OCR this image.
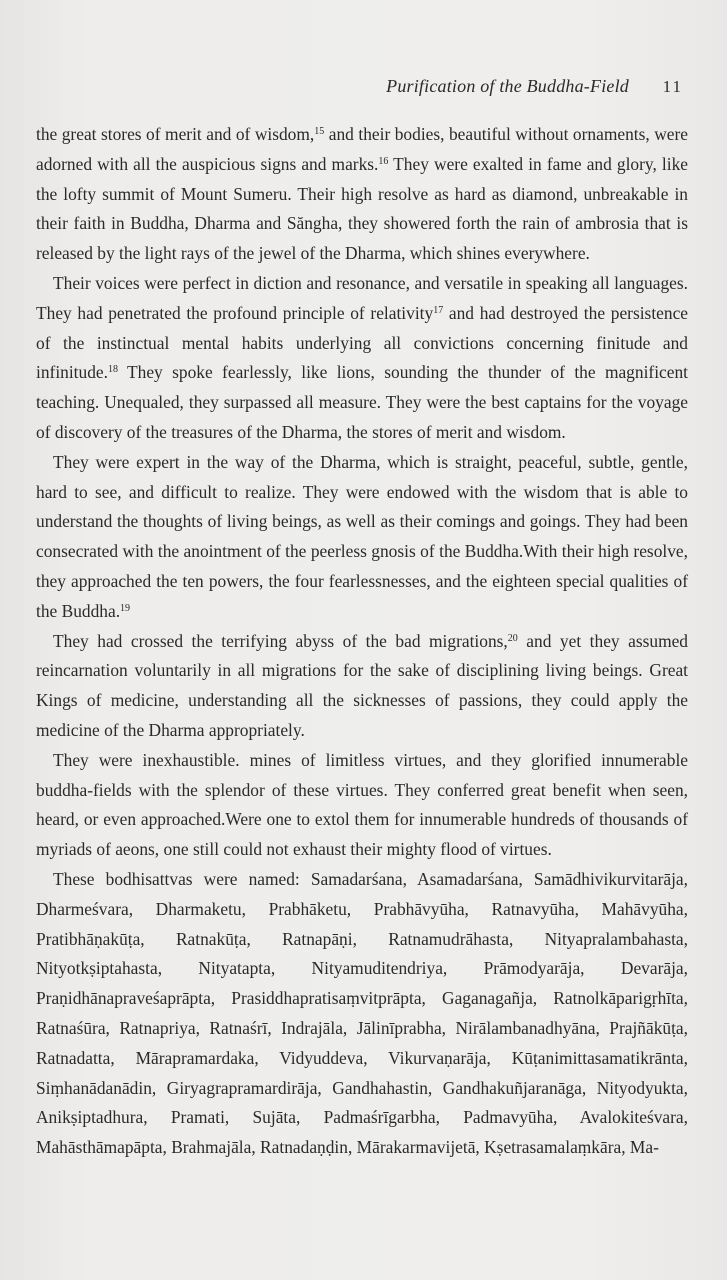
Purification of the Buddha-Field 11

the great stores of merit and of wisdom,$^{15}$ and their bodies, beautiful without ornaments, were adorned with all the auspicious signs and marks.$^{16}$ They were exalted in fame and glory, like the lofty summit of Mount Sumeru. Their high resolve as hard as diamond, unbreakable in their faith in Buddha, Dharma and Săngha, they showered forth the rain of ambrosia that is released by the light rays of the jewel of the Dharma, which shines everywhere.

Their voices were perfect in diction and resonance, and versatile in speaking all languages. They had penetrated the profound principle of relativity$^{17}$ and had destroyed the persistence of the instinctual mental habits underlying all convictions concerning finitude and infinitude.$^{18}$ They spoke fearlessly, like lions, sounding the thunder of the magnificent teaching. Unequaled, they surpassed all measure. They were the best captains for the voyage of discovery of the treasures of the Dharma, the stores of merit and wisdom.

They were expert in the way of the Dharma, which is straight, peaceful, subtle, gentle, hard to see, and difficult to realize. They were endowed with the wisdom that is able to understand the thoughts of living beings, as well as their comings and goings. They had been consecrated with the anointment of the peerless gnosis of the Buddha.With their high resolve, they approached the ten powers, the four fearlessnesses, and the eighteen special qualities of the Buddha.$^{19}$

They had crossed the terrifying abyss of the bad migrations,$^{20}$ and yet they assumed reincarnation voluntarily in all migrations for the sake of disciplining living beings. Great Kings of medicine, understanding all the sicknesses of passions, they could apply the medicine of the Dharma appropriately.

They were inexhaustible. mines of limitless virtues, and they glorified innumerable buddha-fields with the splendor of these virtues. They conferred great benefit when seen, heard, or even approached.Were one to extol them for innumerable hundreds of thousands of myriads of aeons, one still could not exhaust their mighty flood of virtues.

These bodhisattvas were named: Samadarśana, Asamadarśana, Samādhivikurvitarāja, Dharmeśvara, Dharmaketu, Prabhāketu, Prabhāvyūha, Ratnavyūha, Mahāvyūha, Pratibhāṇakūṭa, Ratnakūṭa, Ratnapāṇi, Ratnamudrāhasta, Nityapralambahasta, Nityotkṣiptahasta, Nityatapta, Nityamuditendriya, Prāmodyarāja, Devarāja, Praṇidhānapraveśaprāpta, Prasiddhapratisaṃvitprāpta, Gaganagañja, Ratnolkāparigṛhīta, Ratnaśūra, Ratnapriya, Ratnaśrī, Indrajāla, Jālinīprabha, Nirālambanadhyāna, Prajñākūṭa, Ratnadatta, Mārapramardaka, Vidyuddeva, Vikurvaṇarāja, Kūṭanimittasamatikrānta, Siṃhanādanādin, Giryagrapramardirāja, Gandhahastin, Gandhakuñjaranāga, Nityodyukta, Anikṣiptadhura, Pramati, Sujāta, Padmaśrīgarbha, Padmavyūha, Avalokiteśvara, Mahāsthāmapāpta, Brahmajāla, Ratnadaṇḍin, Mārakarmavijetā, Kṣetrasamalaṃkāra, Ma-
